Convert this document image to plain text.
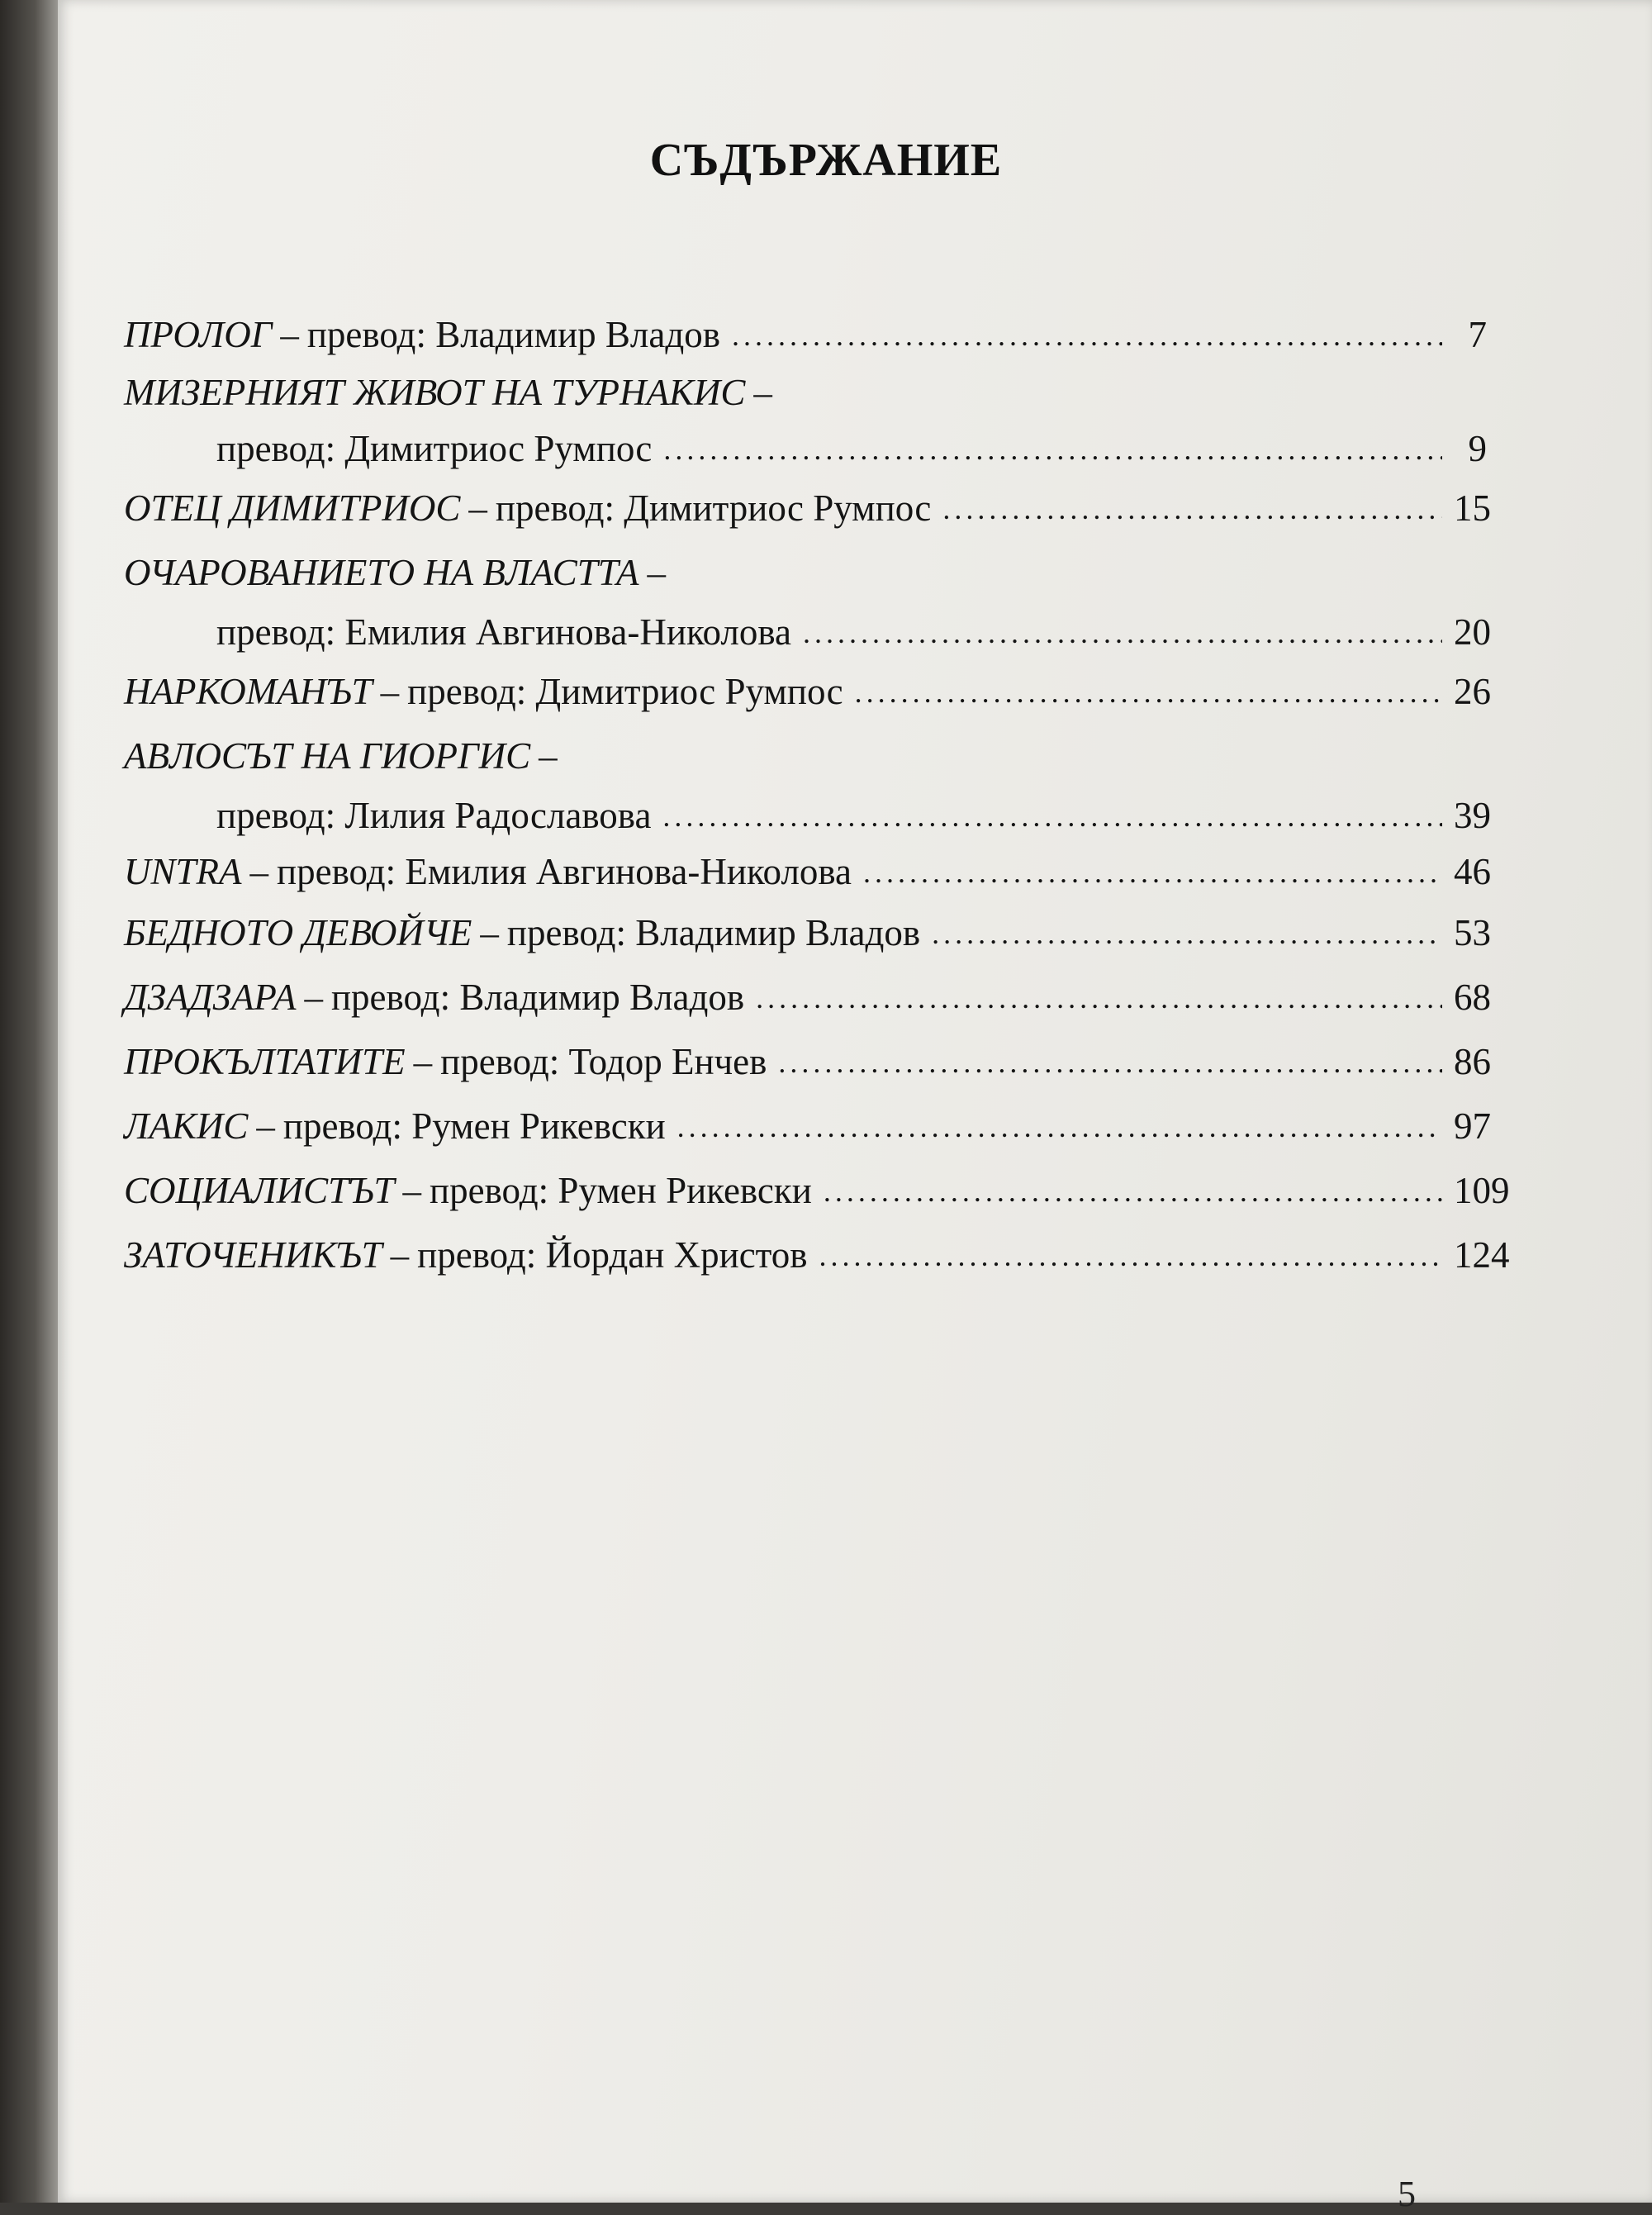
СЪДЪРЖАНИЕ
ПРОЛОГ – превод: Владимир Владов . . .	7
МИЗЕРНИЯТ ЖИВОТ НА ТУРНАКИС –
превод: Димитриос Румпос . . .	9
ОТЕЦ ДИМИТРИОС – превод: Димитриос Румпос . . .	15
ОЧАРОВАНИЕТО НА ВЛАСТТА –
превод: Емилия Авгинова-Николова . . .	20
НАРКОМАНЪТ – превод: Димитриос Румпос . . .	26
АВЛОСЪТ НА ГИОРГИС –
превод: Лилия Радославова . . .	39
UNTRA – превод: Емилия Авгинова-Николова . . .	46
БЕДНОТО ДЕВОЙЧЕ – превод: Владимир Владов . . .	53
ДЗАДЗАРА – превод: Владимир Владов . . .	68
ПРОКЪЛТАТИТЕ – превод: Тодор Енчев . . .	86
ЛАКИС – превод: Румен Рикевски . . .	97
СОЦИАЛИСТЪТ – превод: Румен Рикевски . . .	109
ЗАТОЧЕНИКЪТ – превод: Йордан Христов . . .	124
5
